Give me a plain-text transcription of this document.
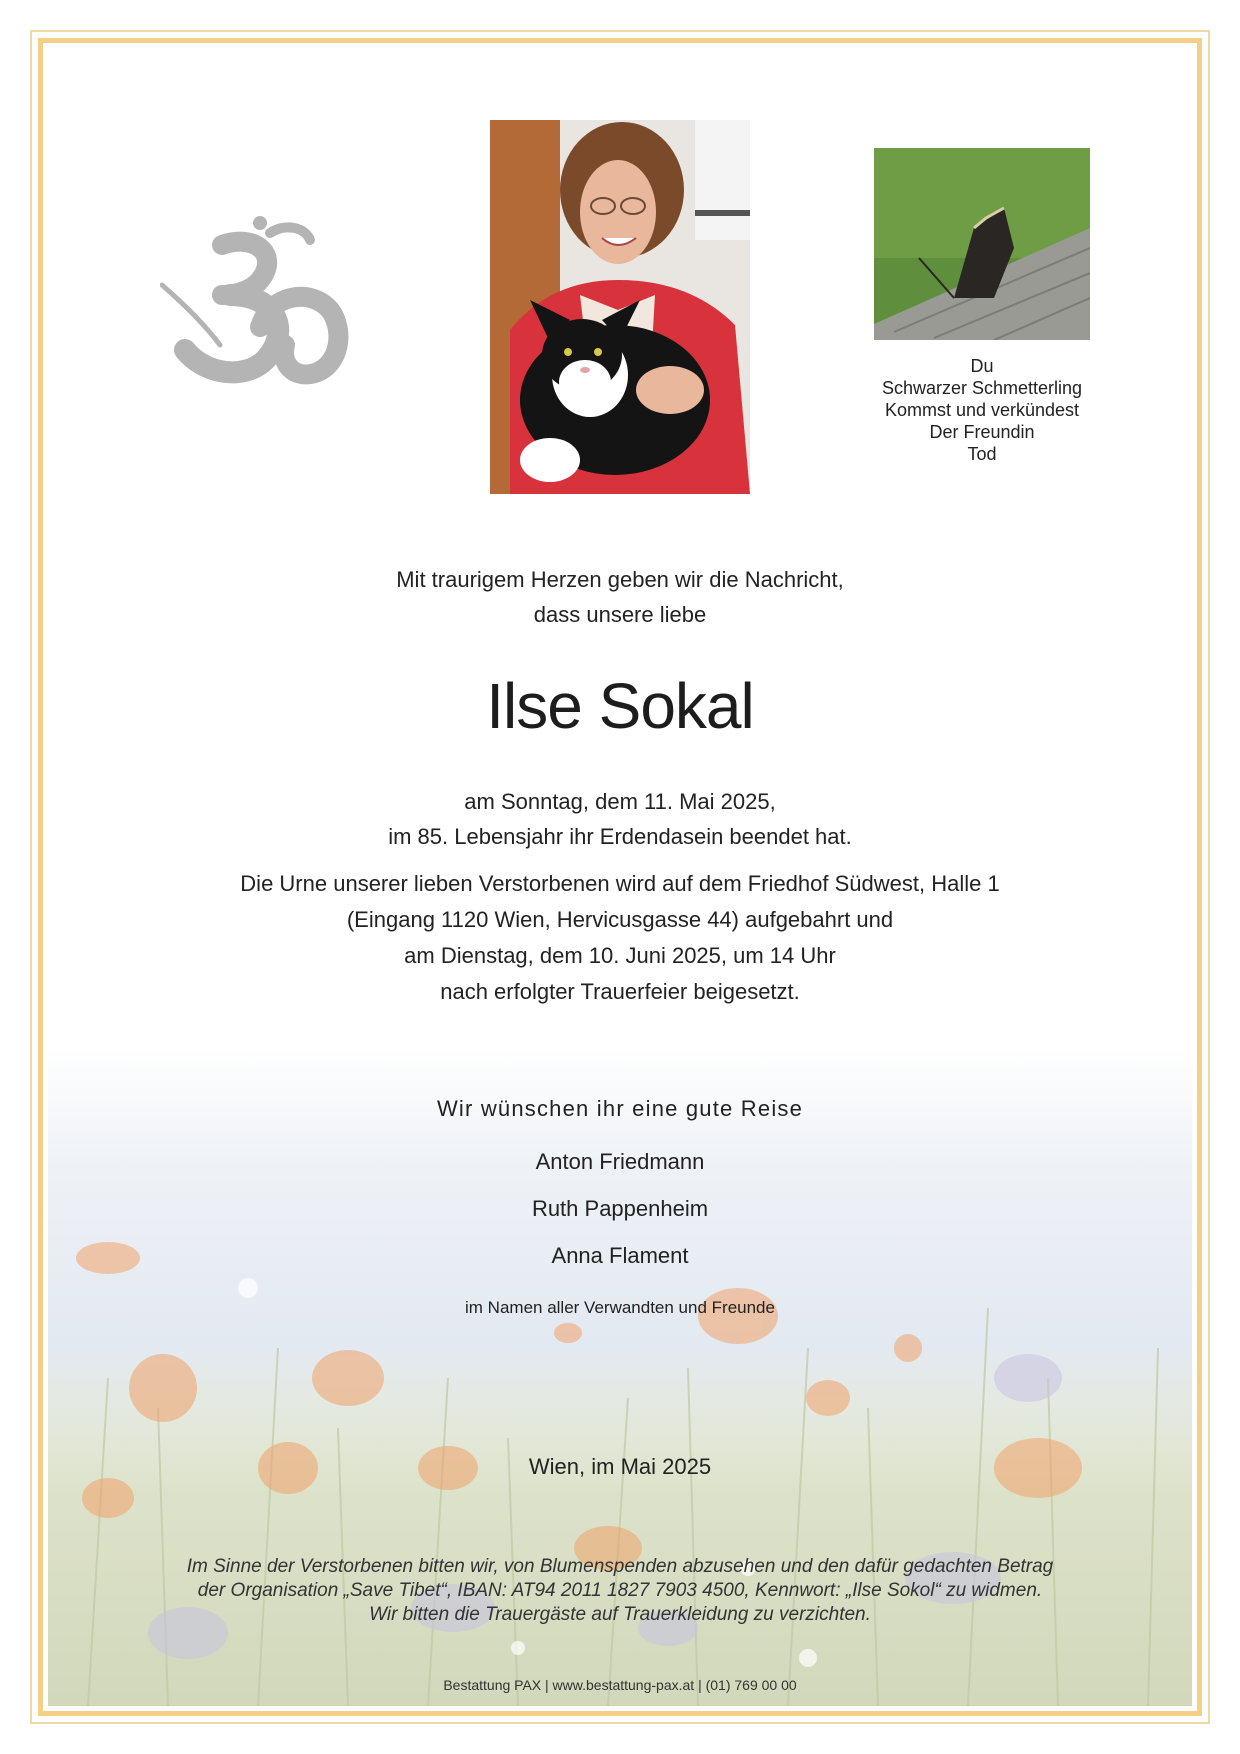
Du
Schwarzer Schmetterling
Kommst und verkündest
Der Freundin
Tod
Mit traurigem Herzen geben wir die Nachricht,
dass unsere liebe
Ilse Sokal
am Sonntag, dem 11. Mai 2025,
im 85. Lebensjahr ihr Erdendasein beendet hat.
Die Urne unserer lieben Verstorbenen wird auf dem Friedhof Südwest, Halle 1
(Eingang 1120 Wien, Hervicusgasse 44) aufgebahrt und
am Dienstag, dem 10. Juni 2025, um 14 Uhr
nach erfolgter Trauerfeier beigesetzt.
Wir wünschen ihr eine gute Reise
Anton Friedmann
Ruth Pappenheim
Anna Flament
im Namen aller Verwandten und Freunde
Wien, im Mai 2025
Im Sinne der Verstorbenen bitten wir, von Blumenspenden abzusehen und den dafür gedachten Betrag
der Organisation „Save Tibet“, IBAN: AT94 2011 1827 7903 4500, Kennwort: „Ilse Sokol“ zu widmen.
Wir bitten die Trauergäste auf Trauerkleidung zu verzichten.
Bestattung PAX | www.bestattung-pax.at | (01) 769 00 00
